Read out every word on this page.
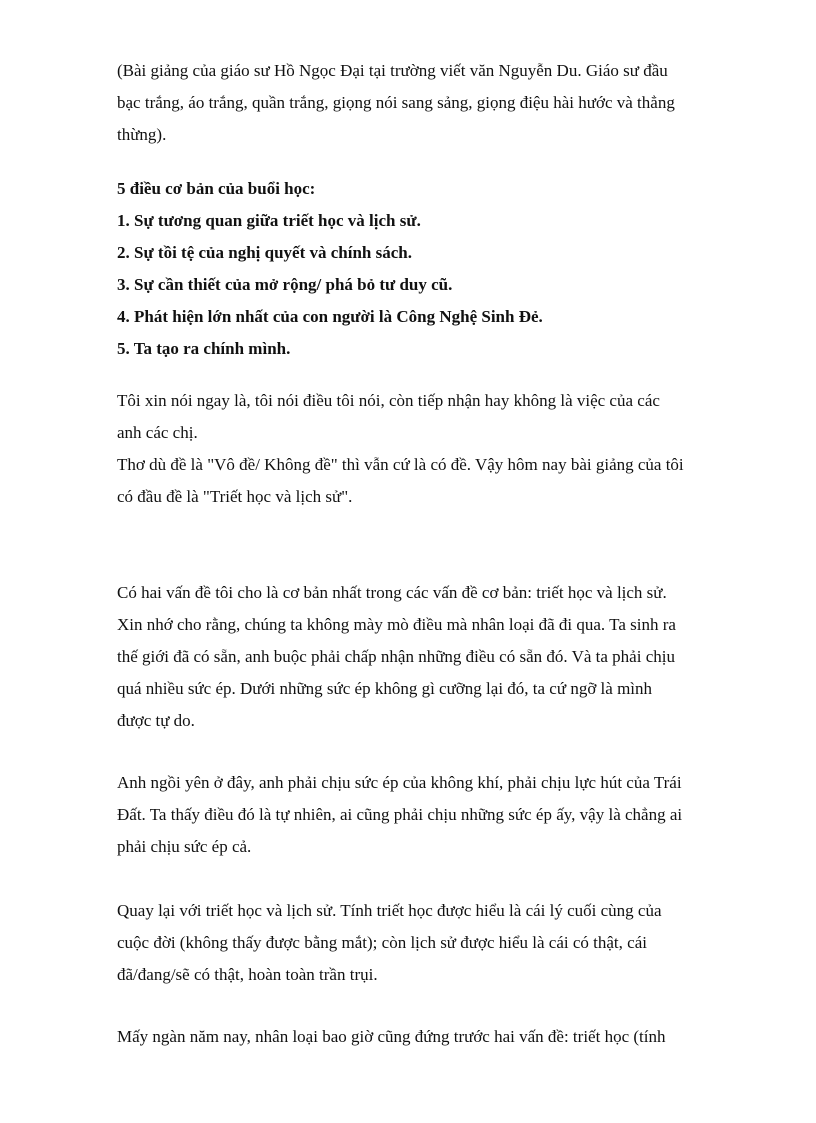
(Bài giảng của giáo sư Hồ Ngọc Đại tại trường viết văn Nguyễn Du. Giáo sư đầu
bạc trắng, áo trắng, quần trắng, giọng nói sang sảng, giọng điệu hài hước và thẳng
thừng).

5 điều cơ bản của buổi học:
1. Sự tương quan giữa triết học và lịch sử.
2. Sự tồi tệ của nghị quyết và chính sách.
3. Sự cần thiết của mở rộng/ phá bỏ tư duy cũ.
4. Phát hiện lớn nhất của con người là Công Nghệ Sinh Đẻ.
5. Ta tạo ra chính mình.

Tôi xin nói ngay là, tôi nói điều tôi nói, còn tiếp nhận hay không là việc của các
anh các chị.
Thơ dù đề là "Vô đề/ Không đề" thì vẫn cứ là có đề. Vậy hôm nay bài giảng của tôi
có đầu đề là "Triết học và lịch sử".

Có hai vấn đề tôi cho là cơ bản nhất trong các vấn đề cơ bản: triết học và lịch sử.
Xin nhớ cho rằng, chúng ta không mày mò điều mà nhân loại đã đi qua. Ta sinh ra
thế giới đã có sẵn, anh buộc phải chấp nhận những điều có sẵn đó. Và ta phải chịu
quá nhiều sức ép. Dưới những sức ép không gì cưỡng lại đó, ta cứ ngỡ là mình
được tự do.

Anh ngồi yên ở đây, anh phải chịu sức ép của không khí, phải chịu lực hút của Trái
Đất. Ta thấy điều đó là tự nhiên, ai cũng phải chịu những sức ép ấy, vậy là chẳng ai
phải chịu sức ép cả.

Quay lại với triết học và lịch sử. Tính triết học được hiểu là cái lý cuối cùng của
cuộc đời (không thấy được bằng mắt); còn lịch sử được hiểu là cái có thật, cái
đã/đang/sẽ có thật, hoàn toàn trần trụi.

Mấy ngàn năm nay, nhân loại bao giờ cũng đứng trước hai vấn đề: triết học (tính
